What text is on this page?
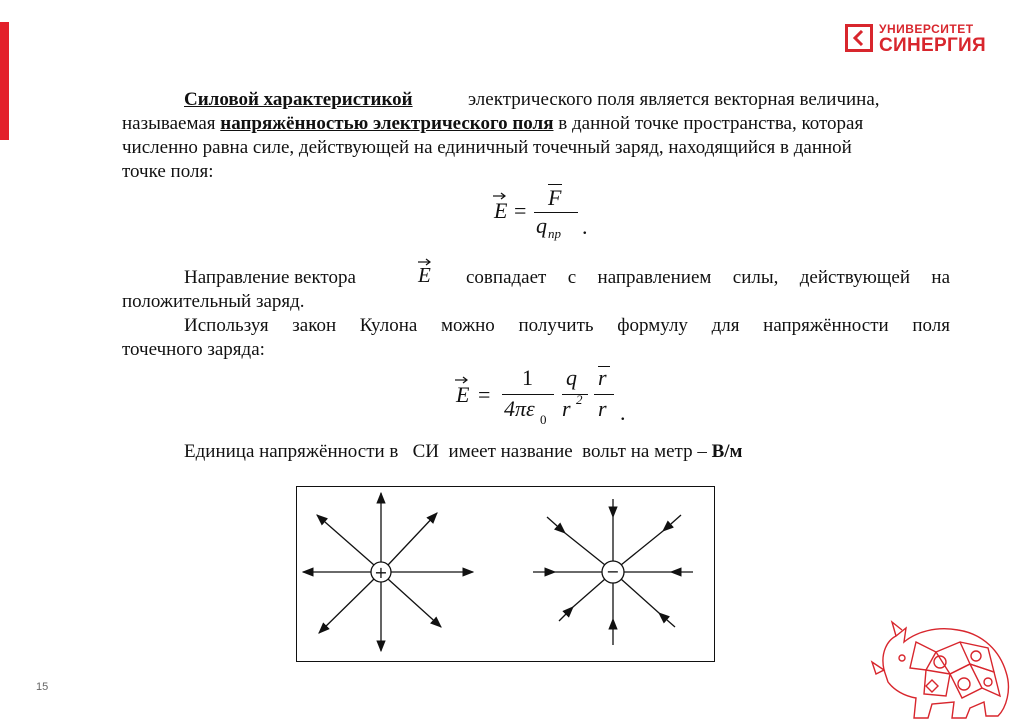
УНИВЕРСИТЕТ
СИНЕРГИЯ
Силовой характеристикой	электрического поля является векторная величина,
называемая напряжённостью электрического поля в данной точке пространства, которая
численно равна силе, действующей на единичный точечный заряд, находящийся в данной
точке поля:
E =
F
q пр .
Направление вектора	E совпадает с направлением силы, действующей на
положительный заряд.
Используя закон Кулона можно получить формулу для напряжённости поля
точечного заряда:
E =
1
4πε 0
q
r 2
r
r .
Единица напряжённости в   СИ  имеет название  вольт на метр – В/м
+	−
15
